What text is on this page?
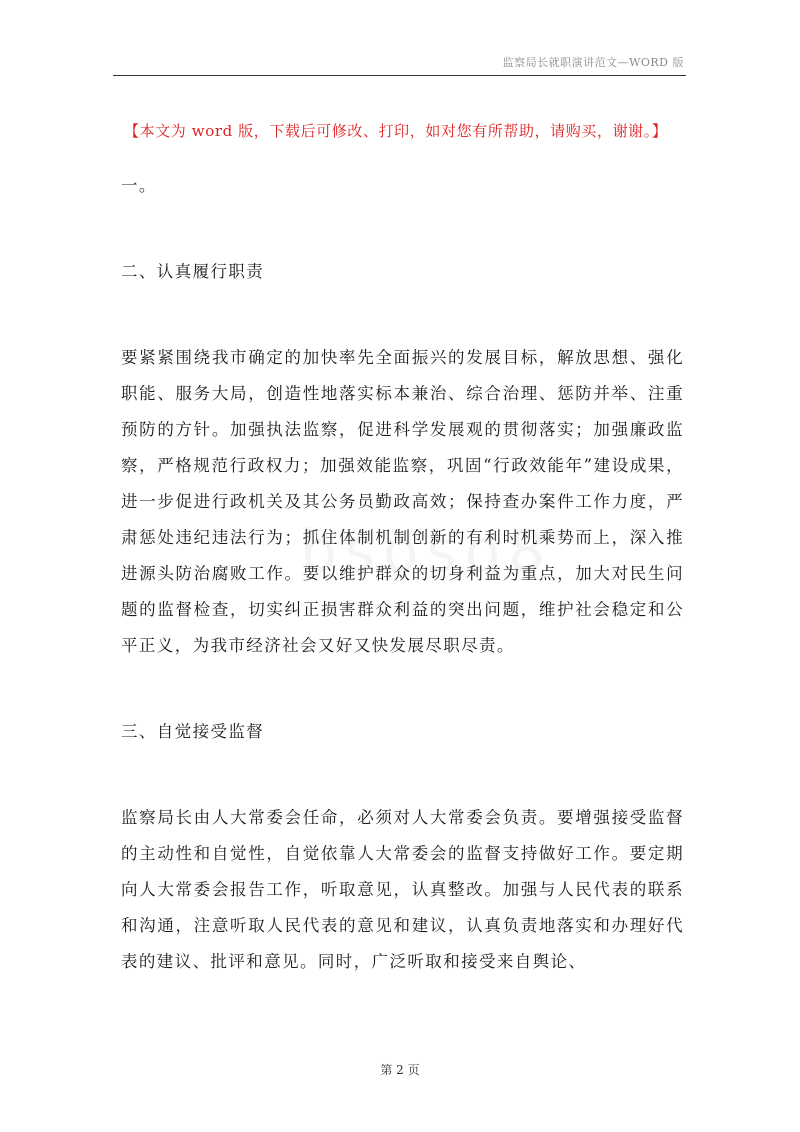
监察局长就职演讲范文—WORD 版
【本文为 word 版，下载后可修改、打印，如对您有所帮助，请购买，谢谢。】

一。

二、认真履行职责

要紧紧围绕我市确定的加快率先全面振兴的发展目标，解放思想、强化职能、服务大局，创造性地落实标本兼治、综合治理、惩防并举、注重预防的方针。加强执法监察，促进科学发展观的贯彻落实；加强廉政监察，严格规范行政权力；加强效能监察，巩固“行政效能年”建设成果，进一步促进行政机关及其公务员勤政高效；保持查办案件工作力度，严肃惩处违纪违法行为；抓住体制机制创新的有利时机乘势而上，深入推进源头防治腐败工作。要以维护群众的切身利益为重点，加大对民生问题的监督检查，切实纠正损害群众利益的突出问题，维护社会稳定和公平正义，为我市经济社会又好又快发展尽职尽责。

三、自觉接受监督

监察局长由人大常委会任命，必须对人大常委会负责。要增强接受监督的主动性和自觉性，自觉依靠人大常委会的监督支持做好工作。要定期向人大常委会报告工作，听取意见，认真整改。加强与人民代表的联系和沟通，注意听取人民代表的意见和建议，认真负责地落实和办理好代表的建议、批评和意见。同时，广泛听取和接受来自舆论、

第 2 页
